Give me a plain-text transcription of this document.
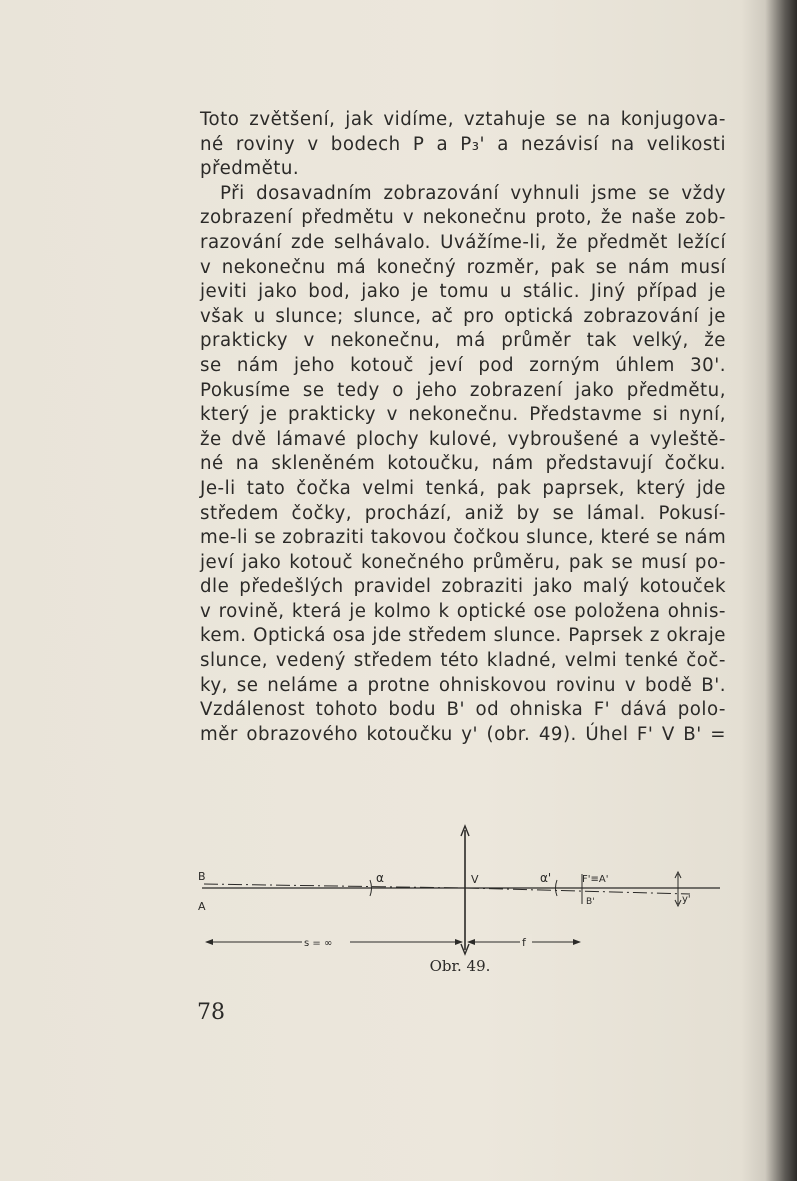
Toto zvětšení, jak vidíme, vztahuje se na konjugova-
né roviny v bodech P a P₃' a nezávisí na velikosti
předmětu.
Při dosavadním zobrazování vyhnuli jsme se vždy
zobrazení předmětu v nekonečnu proto, že naše zob-
razování zde selhávalo. Uvážíme-li, že předmět ležící
v nekonečnu má konečný rozměr, pak se nám musí
jeviti jako bod, jako je tomu u stálic. Jiný případ je
však u slunce; slunce, ač pro optická zobrazování je
prakticky v nekonečnu, má průměr tak velký, že
se nám jeho kotouč jeví pod zorným úhlem 30'.
Pokusíme se tedy o jeho zobrazení jako předmětu,
který je prakticky v nekonečnu. Představme si nyní,
že dvě lámavé plochy kulové, vybroušené a vyleště-
né na skleněném kotoučku, nám představují čočku.
Je-li tato čočka velmi tenká, pak paprsek, který jde
středem čočky, prochází, aniž by se lámal. Pokusí-
me-li se zobraziti takovou čočkou slunce, které se nám
jeví jako kotouč konečného průměru, pak se musí po-
dle předešlých pravidel zobraziti jako malý kotouček
v rovině, která je kolmo k optické ose položena ohnis-
kem. Optická osa jde středem slunce. Paprsek z okraje
slunce, vedený středem této kladné, velmi tenké čoč-
ky, se neláme a protne ohniskovou rovinu v bodě B'.
Vzdálenost tohoto bodu B' od ohniska F' dává polo-
měr obrazového kotoučku y' (obr. 49). Úhel F' V B' =
B
A
α	V	α'	F'≡A'
B'	y'
s = ∞	f
Obr. 49.
78
